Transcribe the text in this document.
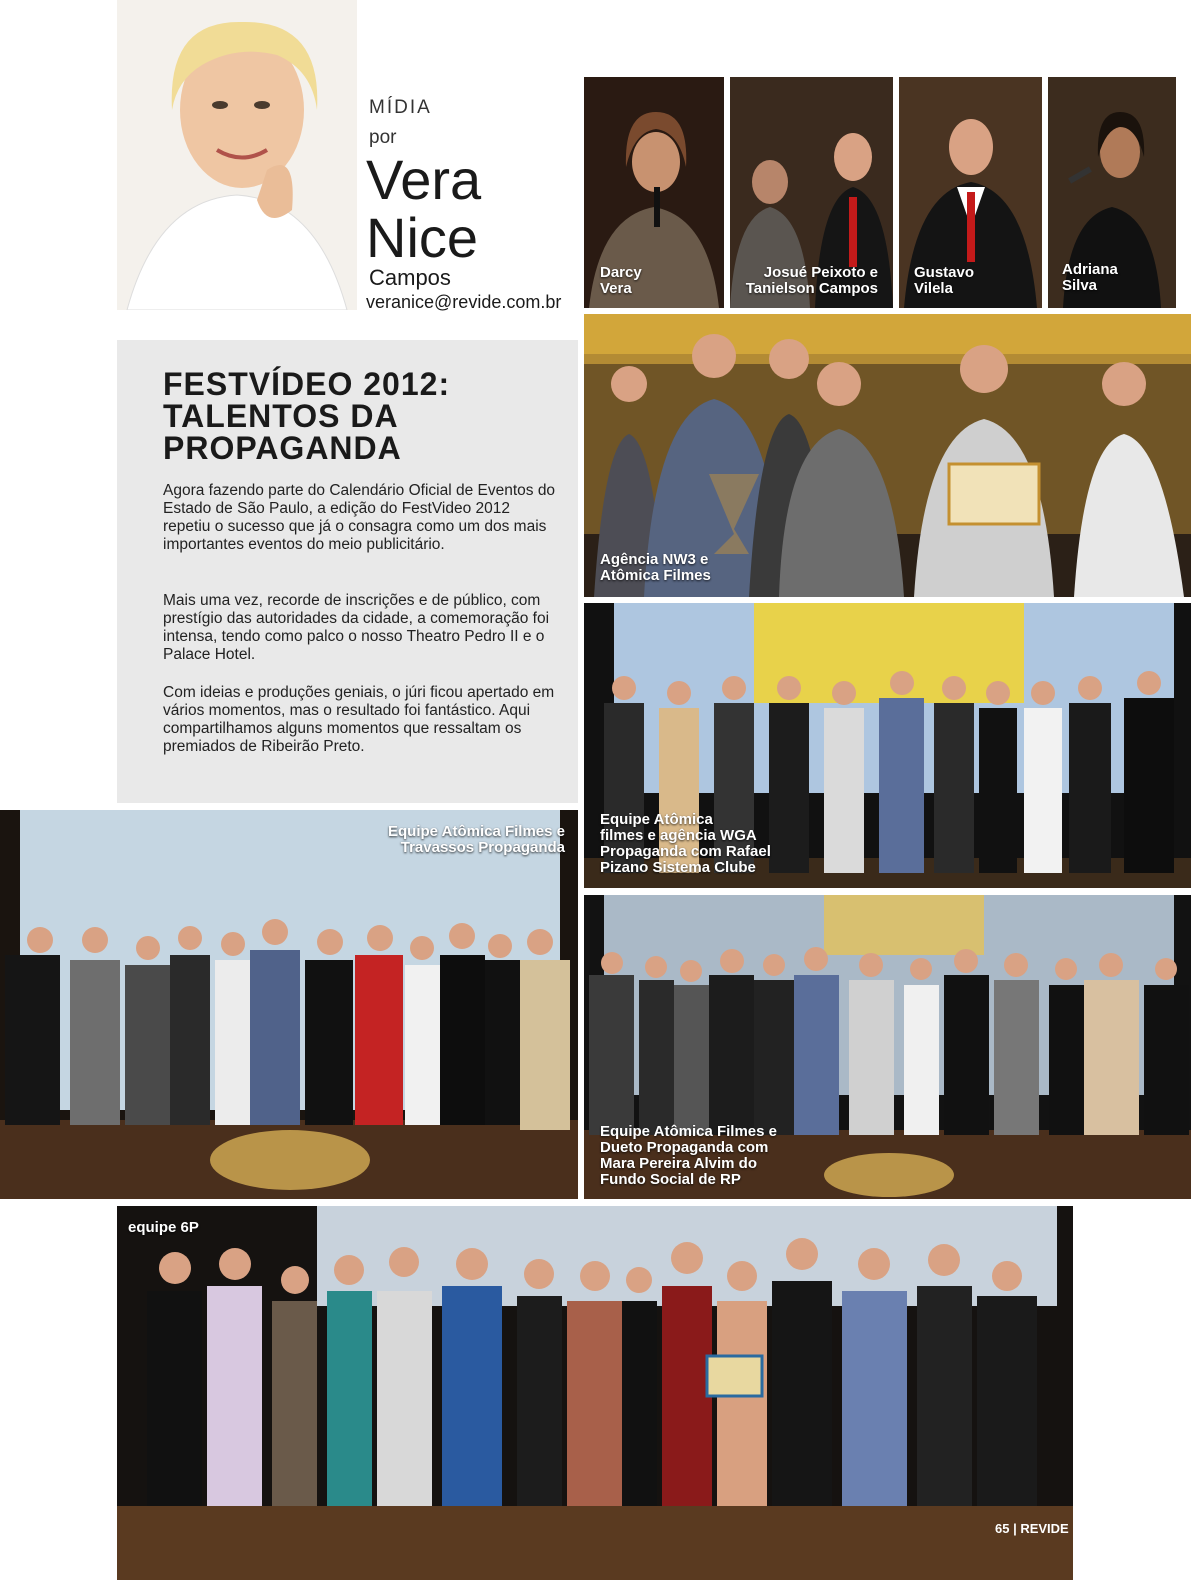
MÍDIA
por
Vera
Nice
Campos
veranice@revide.com.br
FESTVÍDEO 2012: TALENTOS DA PROPAGANDA
Agora fazendo parte do Calendário Oficial de Eventos do Estado de São Paulo, a edição do FestVideo 2012 repetiu o sucesso que já o consagra como um dos mais importantes eventos do meio publicitário.
Mais uma vez, recorde de inscrições e de público, com prestígio das autoridades da cidade, a comemoração foi intensa, tendo como palco o nosso Theatro Pedro II e o Palace Hotel.
Com ideias e produções geniais, o júri ficou apertado em vários momentos, mas o resultado foi fantástico. Aqui compartilhamos alguns momentos que ressaltam os premiados de Ribeirão Preto.
Darcy
Vera
Josué Peixoto e
Tanielson Campos
Gustavo
Vilela
Adriana
Silva
Agência NW3 e
Atômica Filmes
Equipe Atômica
filmes e agência WGA
Propaganda com Rafael
Pizano Sistema Clube
Equipe Atômica Filmes e
Travassos Propaganda
Equipe Atômica Filmes e
Dueto Propaganda com
Mara Pereira Alvim do
Fundo Social de RP
equipe 6P
65 | REVIDE
